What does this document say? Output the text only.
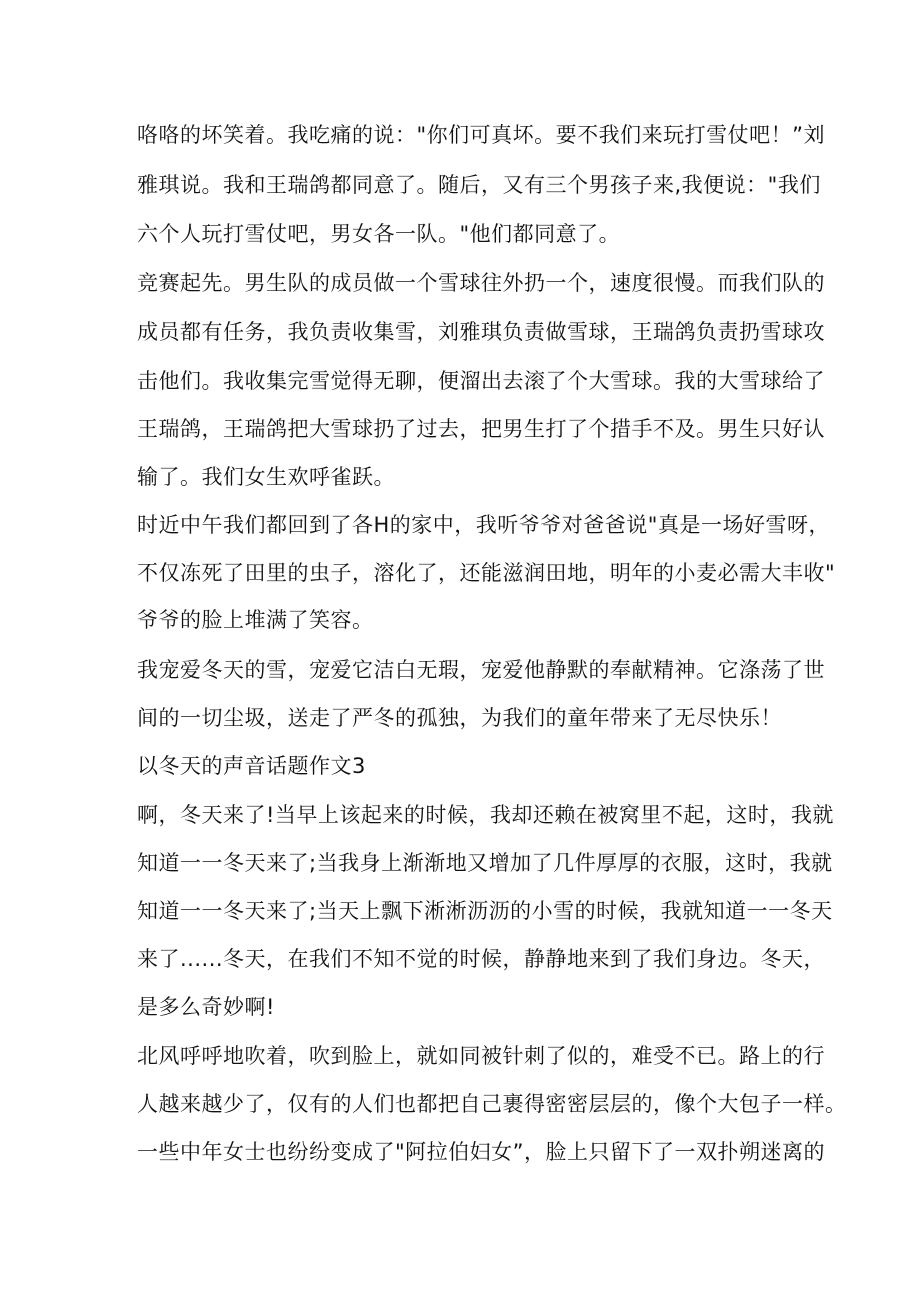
咯咯的坏笑着。我吃痛的说："你们可真坏。要不我们来玩打雪仗吧！”刘
雅琪说。我和王瑞鸽都同意了。随后，又有三个男孩子来,我便说："我们
六个人玩打雪仗吧，男女各一队。"他们都同意了。
竞赛起先。男生队的成员做一个雪球往外扔一个，速度很慢。而我们队的
成员都有任务，我负责收集雪，刘雅琪负责做雪球，王瑞鸽负责扔雪球攻
击他们。我收集完雪觉得无聊，便溜出去滚了个大雪球。我的大雪球给了
王瑞鸽，王瑞鸽把大雪球扔了过去，把男生打了个措手不及。男生只好认
输了。我们女生欢呼雀跃。
时近中午我们都回到了各H的家中，我听爷爷对爸爸说"真是一场好雪呀，
不仅冻死了田里的虫子，溶化了，还能滋润田地，明年的小麦必需大丰收"
爷爷的脸上堆满了笑容。
我宠爱冬天的雪，宠爱它洁白无瑕，宠爱他静默的奉献精神。它涤荡了世
间的一切尘圾，送走了严冬的孤独，为我们的童年带来了无尽快乐！
以冬天的声音话题作文3
啊，冬天来了!当早上该起来的时候，我却还赖在被窝里不起，这时，我就
知道一一冬天来了;当我身上渐渐地又增加了几件厚厚的衣服，这时，我就
知道一一冬天来了;当天上飘下淅淅沥沥的小雪的时候，我就知道一一冬天
来了......冬天，在我们不知不觉的时候，静静地来到了我们身边。冬天，
是多么奇妙啊!
北风呼呼地吹着，吹到脸上，就如同被针刺了似的，难受不已。路上的行
人越来越少了，仅有的人们也都把自己裹得密密层层的，像个大包子一样。
一些中年女士也纷纷变成了"阿拉伯妇女”，脸上只留下了一双扑朔迷离的
